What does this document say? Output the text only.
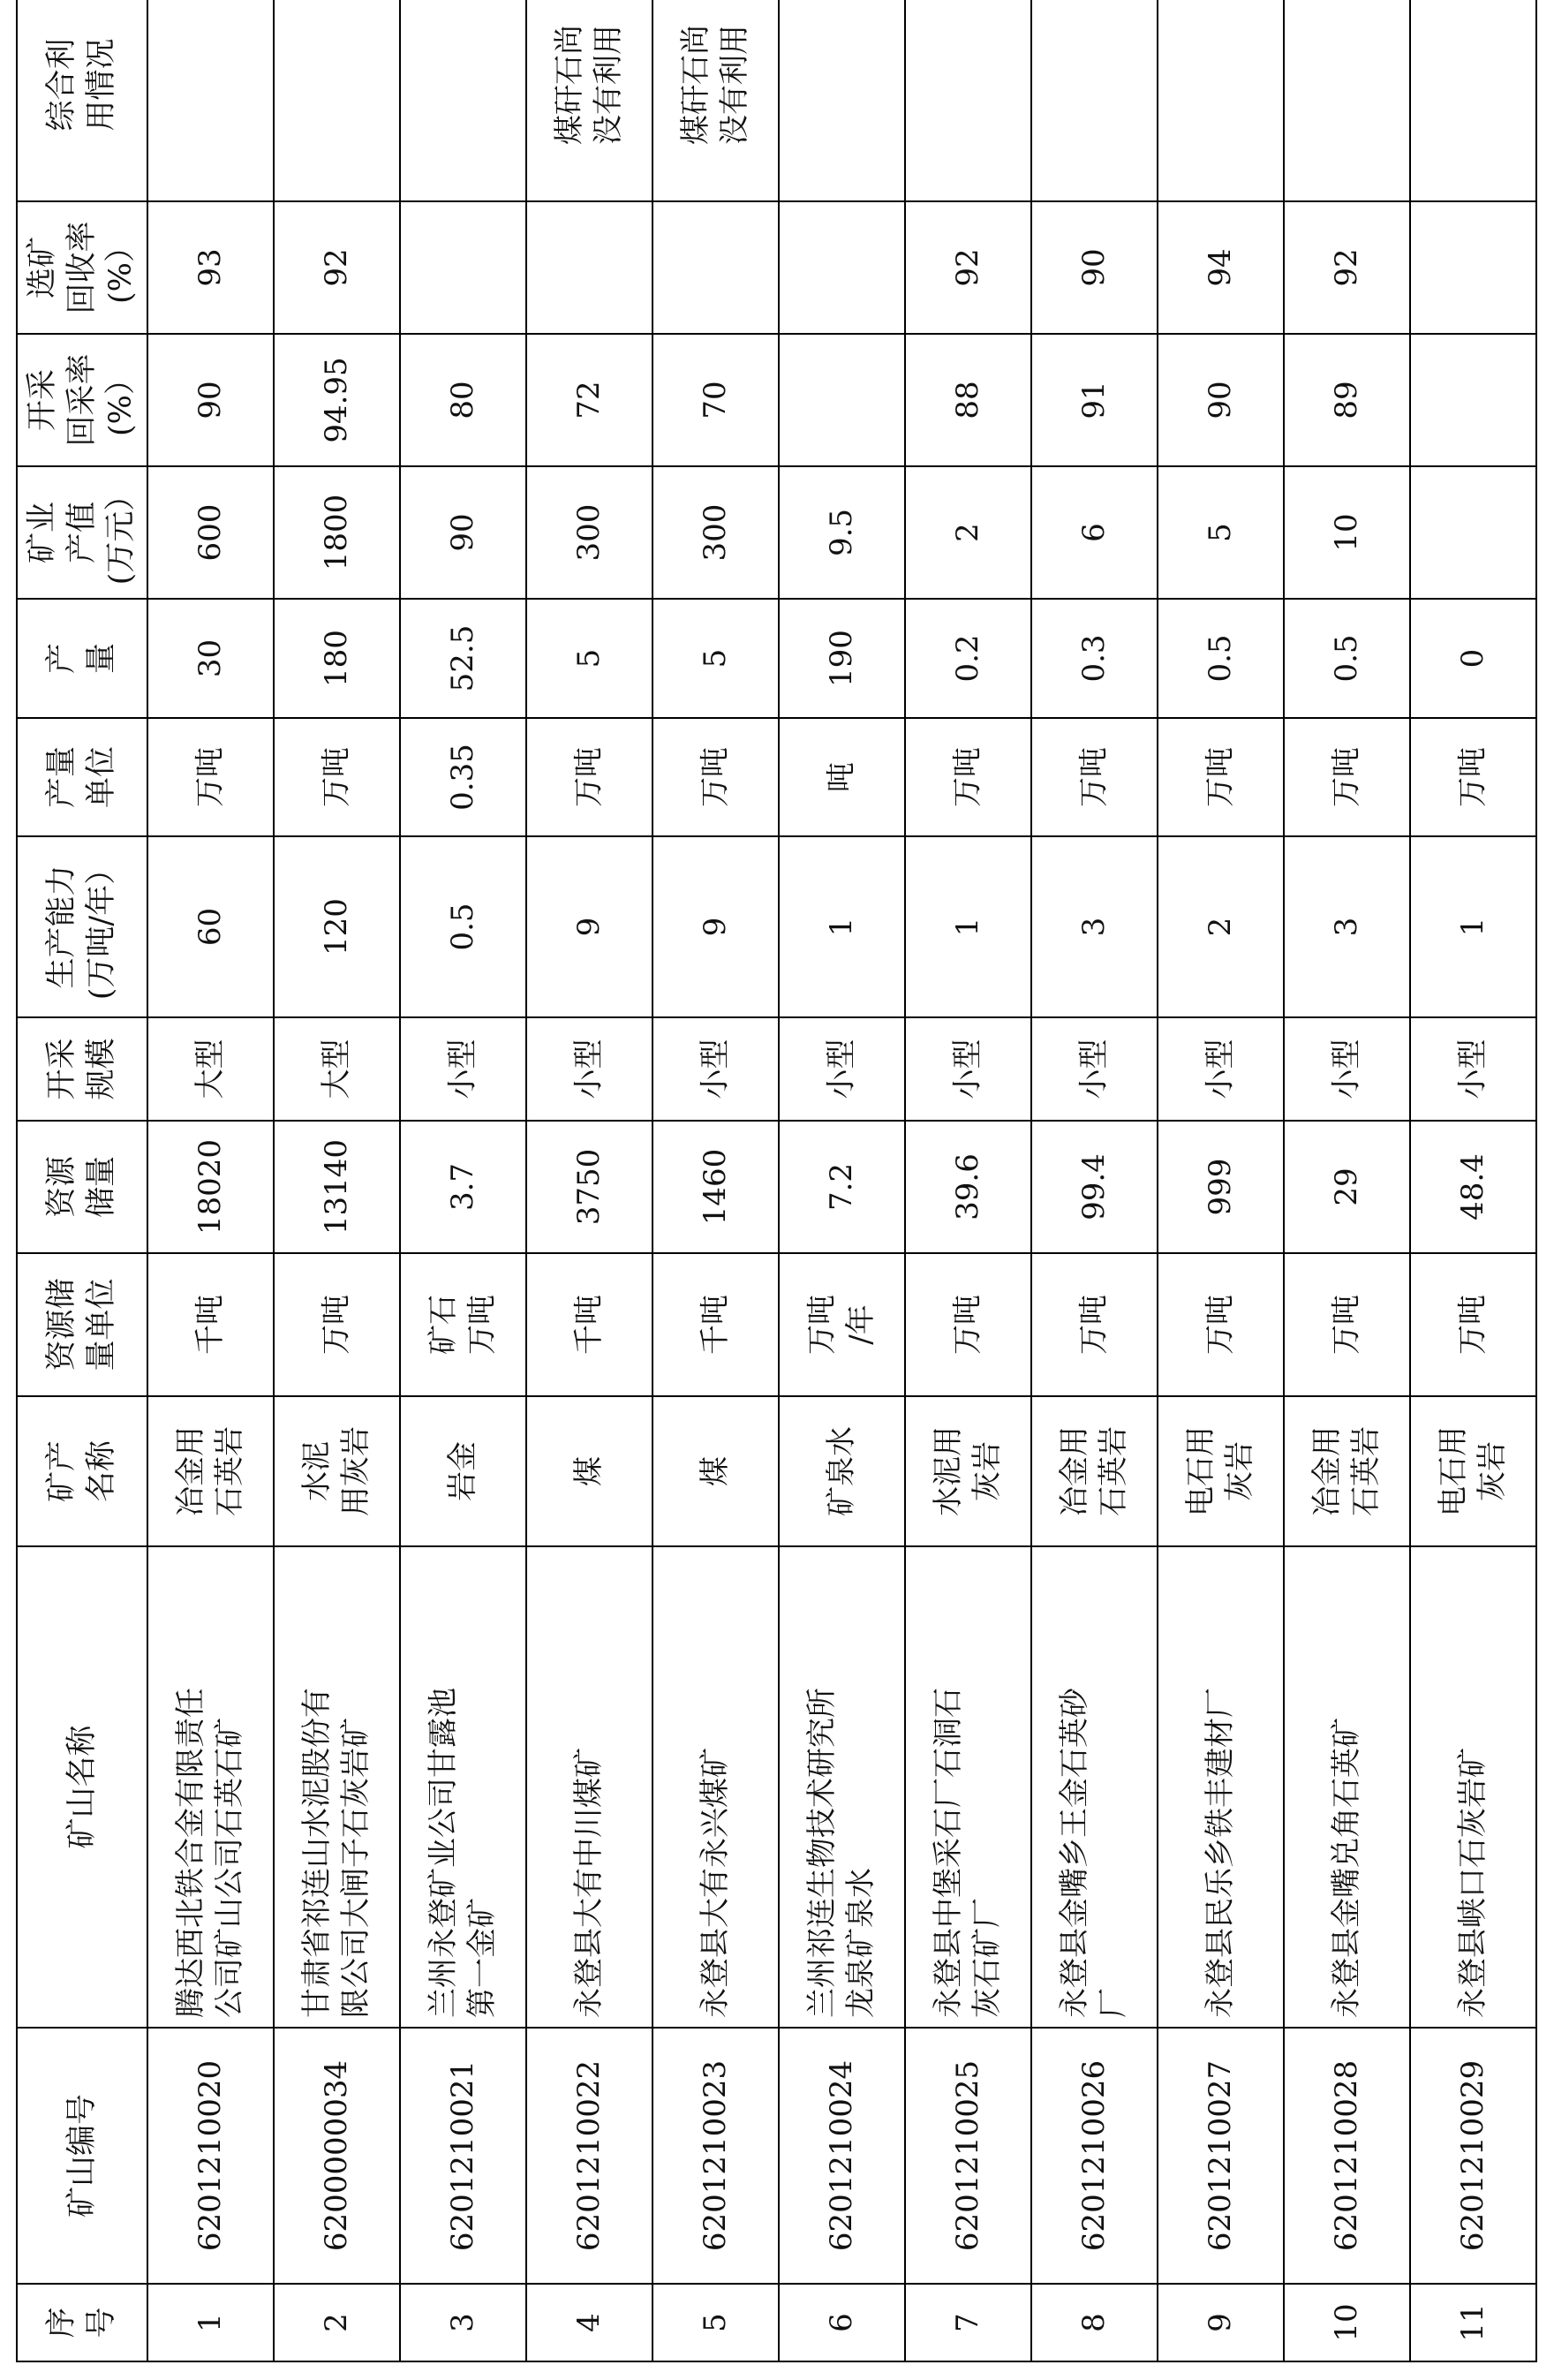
序 号	矿山编号	矿山名称	矿产 名称	资源储 量单位	资源 储量	开采 规模	生产能力 (万吨/年）	产量 单位	产 量	矿业 产值 (万元）	开采 回采率 (%）	选矿 回收率 (%）	综合利 用情况

1	6201210020	腾达西北铁合金有限责任 公司矿山公司石英石矿	冶金用 石英岩	千吨	18020	大型	60	万吨	30	600	90	93	
2	6200000034	甘肃省祁连山水泥股份有 限公司大闸子石灰岩矿	水泥 用灰岩	万吨	13140	大型	120	万吨	180	1800	94.95	92	
3	6201210021	兰州永登矿业公司甘露池 第一金矿	岩金	矿石 万吨	3.7	小型	0.5	0.35	52.5	90	80		
4	6201210022	永登县大有中川煤矿	煤	千吨	3750	小型	9	万吨	5	300	72		煤矸石尚 没有利用

5	6201210023	永登县大有永兴煤矿	煤	千吨	1460	小型	9	万吨	5	300	70		煤矸石尚 没有利用

6	6201210024	兰州祁连生物技术研究所 龙泉矿泉水	矿泉水	万吨 /年	7.2	小型	1	吨	190	9.5			
7	6201210025	永登县中堡采石厂石洞石 灰石矿厂	水泥用 灰岩	万吨	39.6	小型	1	万吨	0.2	2	88	92	
8	6201210026	永登县金嘴乡王金石英砂 厂	冶金用 石英岩	万吨	99.4	小型	3	万吨	0.3	6	91	90	
9	6201210027	永登县民乐乡铁丰建材厂	电石用 灰岩	万吨	999	小型	2	万吨	0.5	5	90	94	
10	6201210028	永登县金嘴兑角石英矿	冶金用 石英岩	万吨	29	小型	3	万吨	0.5	10	89	92	
11	6201210029	永登县峡口石灰岩矿	电石用 灰岩	万吨	48.4	小型	1	万吨	0				
